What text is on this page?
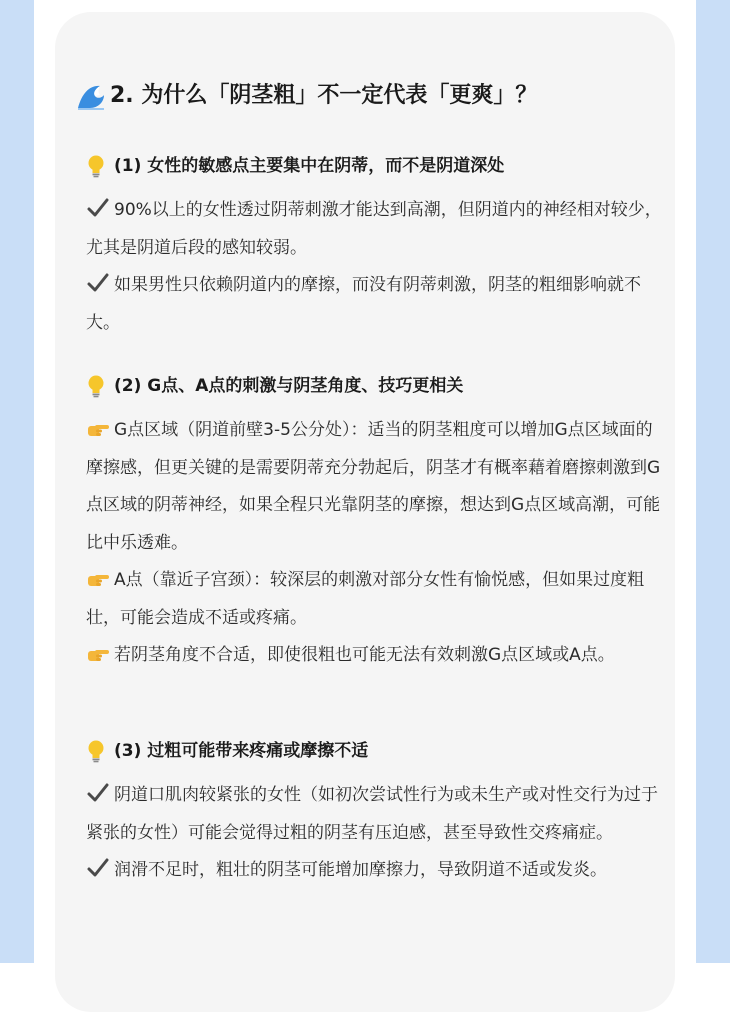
2. 为什么「阴茎粗」不一定代表「更爽」？
(1) 女性的敏感点主要集中在阴蒂，而不是阴道深处
90%以上的女性透过阴蒂刺激才能达到高潮，但阴道内的神经相对较少，尤其是阴道后段的感知较弱。
如果男性只依赖阴道内的摩擦，而没有阴蒂刺激，阴茎的粗细影响就不大。
(2) G点、A点的刺激与阴茎角度、技巧更相关
G点区域（阴道前壁3-5公分处）：适当的阴茎粗度可以增加G点区域面的摩擦感，但更关键的是需要阴蒂充分勃起后，阴茎才有概率藉着磨擦刺激到G点区域的阴蒂神经，如果全程只光靠阴茎的摩擦，想达到G点区域高潮，可能比中乐透难。
A点（靠近子宫颈）：较深层的刺激对部分女性有愉悦感，但如果过度粗壮，可能会造成不适或疼痛。
若阴茎角度不合适，即使很粗也可能无法有效刺激G点区域或A点。
(3) 过粗可能带来疼痛或摩擦不适
阴道口肌肉较紧张的女性（如初次尝试性行为或未生产或对性交行为过于紧张的女性）可能会觉得过粗的阴茎有压迫感，甚至导致性交疼痛症。
润滑不足时，粗壮的阴茎可能增加摩擦力，导致阴道不适或发炎。
